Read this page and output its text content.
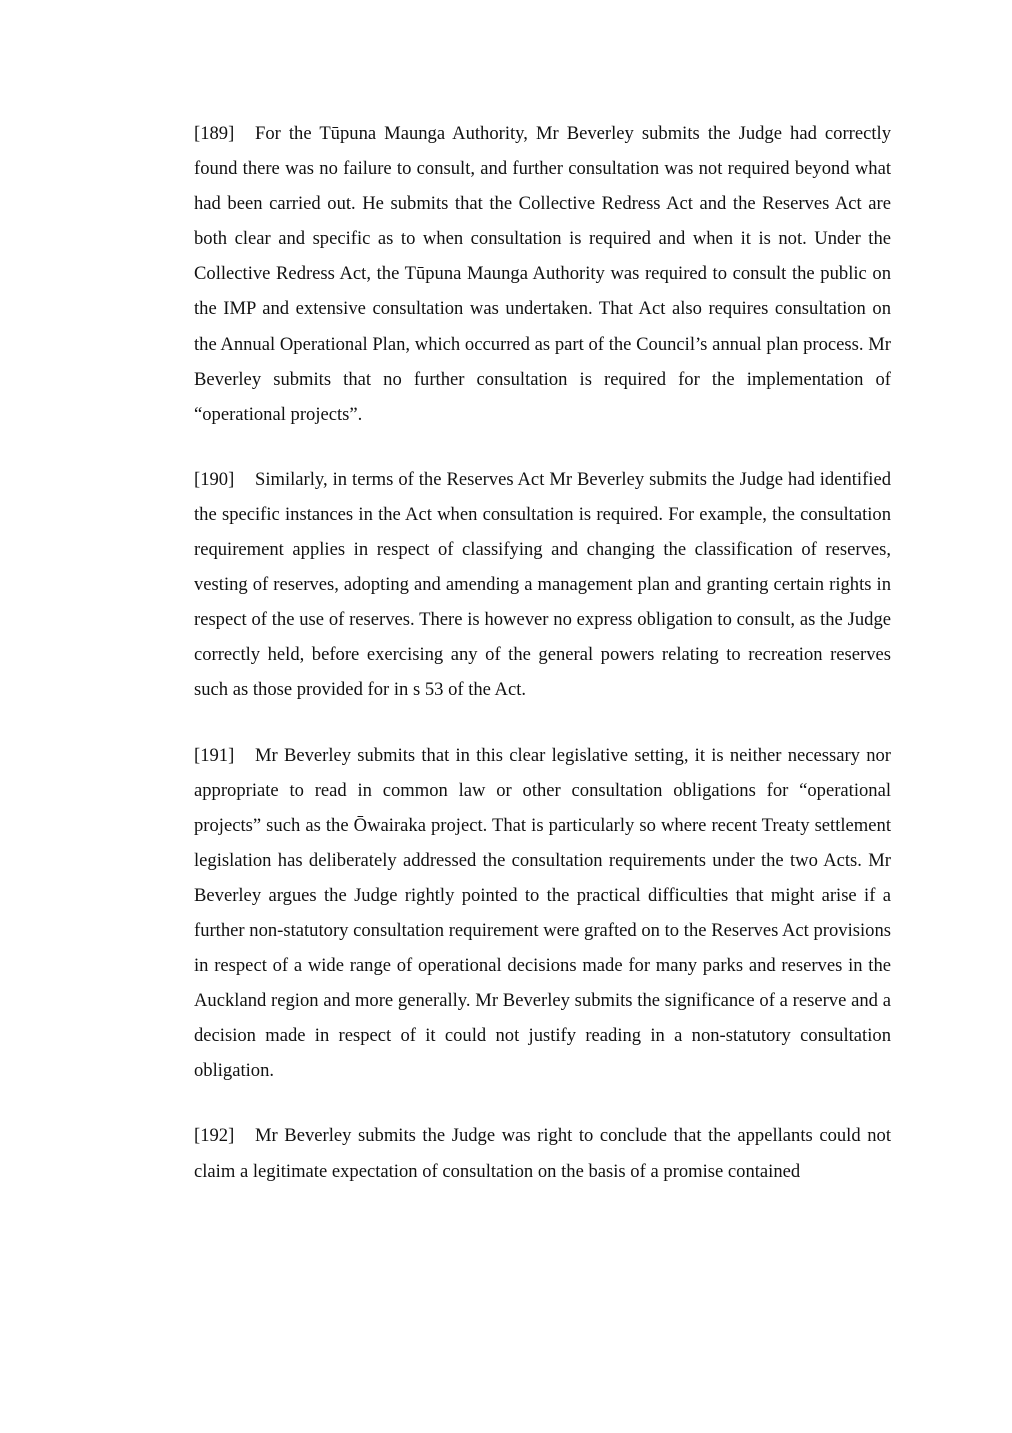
[189] For the Tūpuna Maunga Authority, Mr Beverley submits the Judge had correctly found there was no failure to consult, and further consultation was not required beyond what had been carried out. He submits that the Collective Redress Act and the Reserves Act are both clear and specific as to when consultation is required and when it is not. Under the Collective Redress Act, the Tūpuna Maunga Authority was required to consult the public on the IMP and extensive consultation was undertaken. That Act also requires consultation on the Annual Operational Plan, which occurred as part of the Council’s annual plan process. Mr Beverley submits that no further consultation is required for the implementation of “operational projects”.

[190] Similarly, in terms of the Reserves Act Mr Beverley submits the Judge had identified the specific instances in the Act when consultation is required. For example, the consultation requirement applies in respect of classifying and changing the classification of reserves, vesting of reserves, adopting and amending a management plan and granting certain rights in respect of the use of reserves. There is however no express obligation to consult, as the Judge correctly held, before exercising any of the general powers relating to recreation reserves such as those provided for in s 53 of the Act.

[191] Mr Beverley submits that in this clear legislative setting, it is neither necessary nor appropriate to read in common law or other consultation obligations for “operational projects” such as the Ōwairaka project. That is particularly so where recent Treaty settlement legislation has deliberately addressed the consultation requirements under the two Acts. Mr Beverley argues the Judge rightly pointed to the practical difficulties that might arise if a further non-statutory consultation requirement were grafted on to the Reserves Act provisions in respect of a wide range of operational decisions made for many parks and reserves in the Auckland region and more generally. Mr Beverley submits the significance of a reserve and a decision made in respect of it could not justify reading in a non-statutory consultation obligation.

[192] Mr Beverley submits the Judge was right to conclude that the appellants could not claim a legitimate expectation of consultation on the basis of a promise contained
